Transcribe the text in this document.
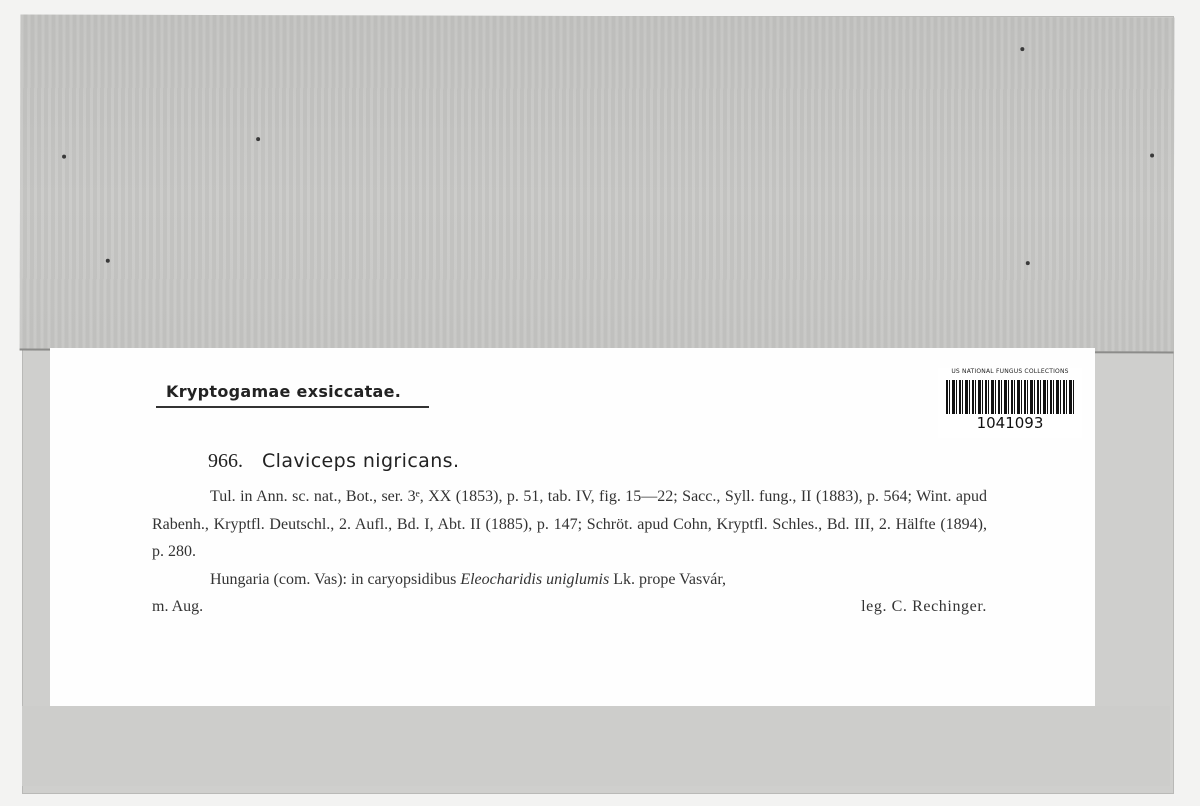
Kryptogamae exsiccatae.
US NATIONAL FUNGUS COLLECTIONS
1041093
966. Claviceps nigricans.

Tul. in Ann. sc. nat., Bot., ser. 3ᵉ, XX (1853), p. 51, tab. IV, fig. 15—22; Sacc., Syll. fung., II (1883), p. 564; Wint. apud Rabenh., Kryptfl. Deutschl., 2. Aufl., Bd. I, Abt. II (1885), p. 147; Schröt. apud Cohn, Kryptfl. Schles., Bd. III, 2. Hälfte (1894), p. 280.

Hungaria (com. Vas): in caryopsidibus Eleocharidis uniglumis Lk. prope Vasvár,

m. Aug.	leg. C. Rechinger.
